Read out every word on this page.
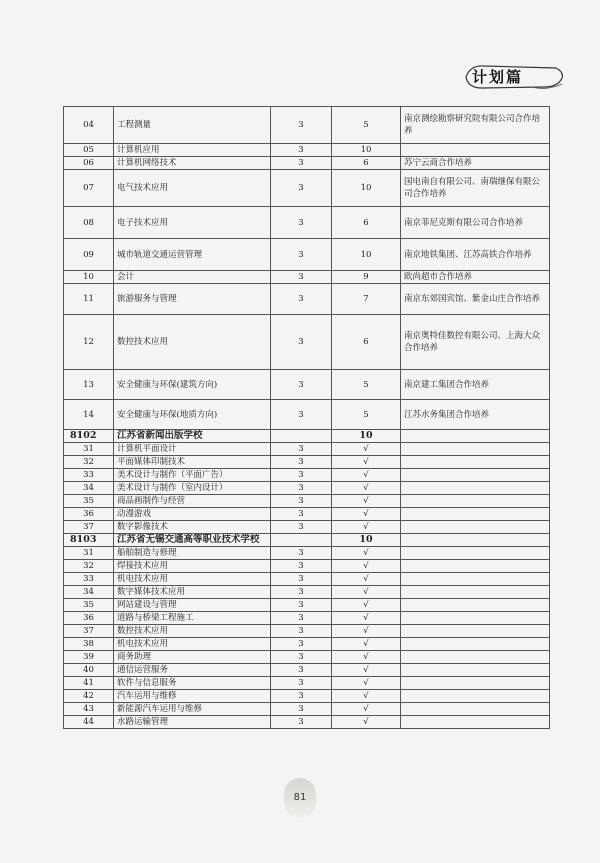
计划篇
04	工程测量	3	5	南京测绘勘察研究院有限公司合作培养
05	计算机应用	3	10	
06	计算机网络技术	3	6	苏宁云商合作培养
07	电气技术应用	3	10	国电南自有限公司、南瑞继保有限公司合作培养
08	电子技术应用	3	6	南京菲尼克斯有限公司合作培养
09	城市轨道交通运营管理	3	10	南京地铁集团、江苏高铁合作培养
10	会计	3	9	欧尚超市合作培养
11	旅游服务与管理	3	7	南京东郊国宾馆、紫金山庄合作培养
12	数控技术应用	3	6	南京奥特佳数控有限公司、上海大众合作培养
13	安全健康与环保(建筑方向)	3	5	南京建工集团合作培养
14	安全健康与环保(地质方向)	3	5	江苏水务集团合作培养
8102	江苏省新闻出版学校		10	
31	计算机平面设计	3	√	
32	平面媒体印制技术	3	√	
33	美术设计与制作（平面广告）	3	√	
34	美术设计与制作（室内设计）	3	√	
35	商品画制作与经营	3	√	
36	动漫游戏	3	√	
37	数字影像技术	3	√	
8103	江苏省无锡交通高等职业技术学校		10	
31	船舶制造与修理	3	√	
32	焊接技术应用	3	√	
33	机电技术应用	3	√	
34	数字媒体技术应用	3	√	
35	网站建设与管理	3	√	
36	道路与桥梁工程施工	3	√	
37	数控技术应用	3	√	
38	机电技术应用	3	√	
39	商务助理	3	√	
40	通信运营服务	3	√	
41	软件与信息服务	3	√	
42	汽车运用与维修	3	√	
43	新能源汽车运用与维修	3	√	
44	水路运输管理	3	√	
81
